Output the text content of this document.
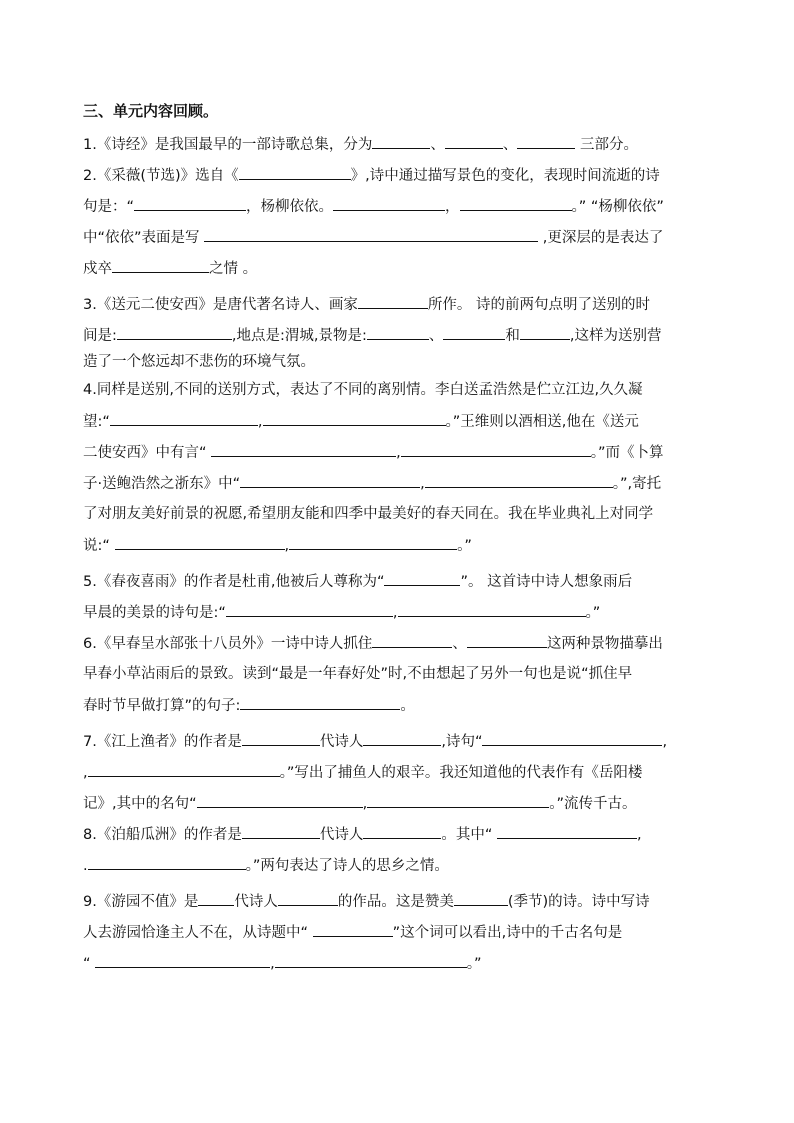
三、单元内容回顾。
1.《诗经》是我国最早的一部诗歌总集，分为	、	、	三部分。
2.《采薇(节选)》选自《	》,诗中通过描写景色的变化，表现时间流逝的诗
句是：“	，杨柳依依。	，	。” “杨柳依依”
中“依依”表面是写	,更深层的是表达了
戍卒	之情 。
3.《送元二使安西》是唐代著名诗人、画家	所作。 诗的前两句点明了送别的时
间是:	,地点是:渭城,景物是:	、	和	,这样为送别营
造了一个悠远却不悲伤的环境气氛。
4.同样是送别,不同的送别方式，表达了不同的离别情。李白送孟浩然是伫立江边,久久凝
望:“	,	。”王维则以酒相送,他在《送元
二使安西》中有言“	,	。”而《卜算
子·送鲍浩然之浙东》中“	,	。”,寄托
了对朋友美好前景的祝愿,希望朋友能和四季中最美好的春天同在。我在毕业典礼上对同学
说:“	,	。”
5.《春夜喜雨》的作者是杜甫,他被后人尊称为“	”。 这首诗中诗人想象雨后
早晨的美景的诗句是:“	,	。”
6.《早春呈水部张十八员外》一诗中诗人抓住	、	这两种景物描摹出
早春小草沾雨后的景致。读到“最是一年春好处”时,不由想起了另外一句也是说“抓住早
春时节早做打算”的句子:	。
7.《江上渔者》的作者是	代诗人	,诗句“	,
,	。”写出了捕鱼人的艰辛。我还知道他的代表作有《岳阳楼
记》,其中的名句“	,	。”流传千古。
8.《泊船瓜洲》的作者是	代诗人	。其中“	,
.	。”两句表达了诗人的思乡之情。
9.《游园不值》是 代诗人	的作品。这是赞美	(季节)的诗。诗中写诗
人去游园恰逢主人不在，从诗题中“	”这个词可以看出,诗中的千古名句是
“	,	。”
